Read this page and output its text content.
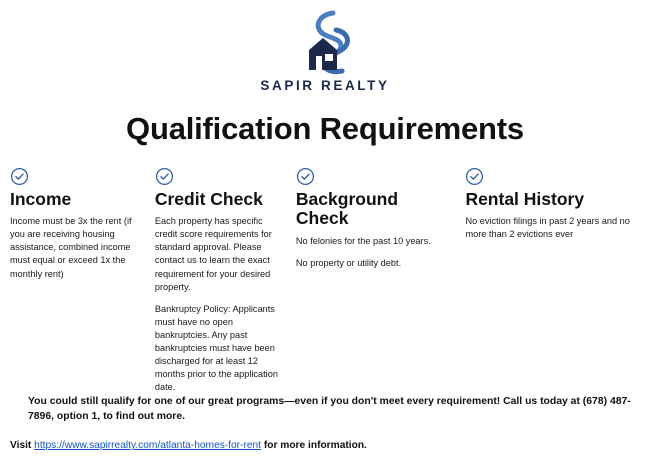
SAPIR REALTY
Qualification Requirements
Income

Income must be 3x the rent (if you are receiving housing assistance, combined income must equal or exceed 1x the monthly rent)

Credit Check

Each property has specific credit score requirements for standard approval. Please contact us to learn the exact requirement for your desired property.

Bankruptcy Policy: Applicants must have no open bankruptcies. Any past bankruptcies must have been discharged for at least 12 months prior to the application date.

Background Check

No felonies for the past 10 years.

No property or utility debt.

Rental History

No eviction filings in past 2 years and no more than 2 evictions ever

You could still qualify for one of our great programs—even if you don't meet every requirement! Call us today at (678) 487-7896, option 1, to find out more.

Visit https://www.sapirrealty.com/atlanta-homes-for-rent for more information.
